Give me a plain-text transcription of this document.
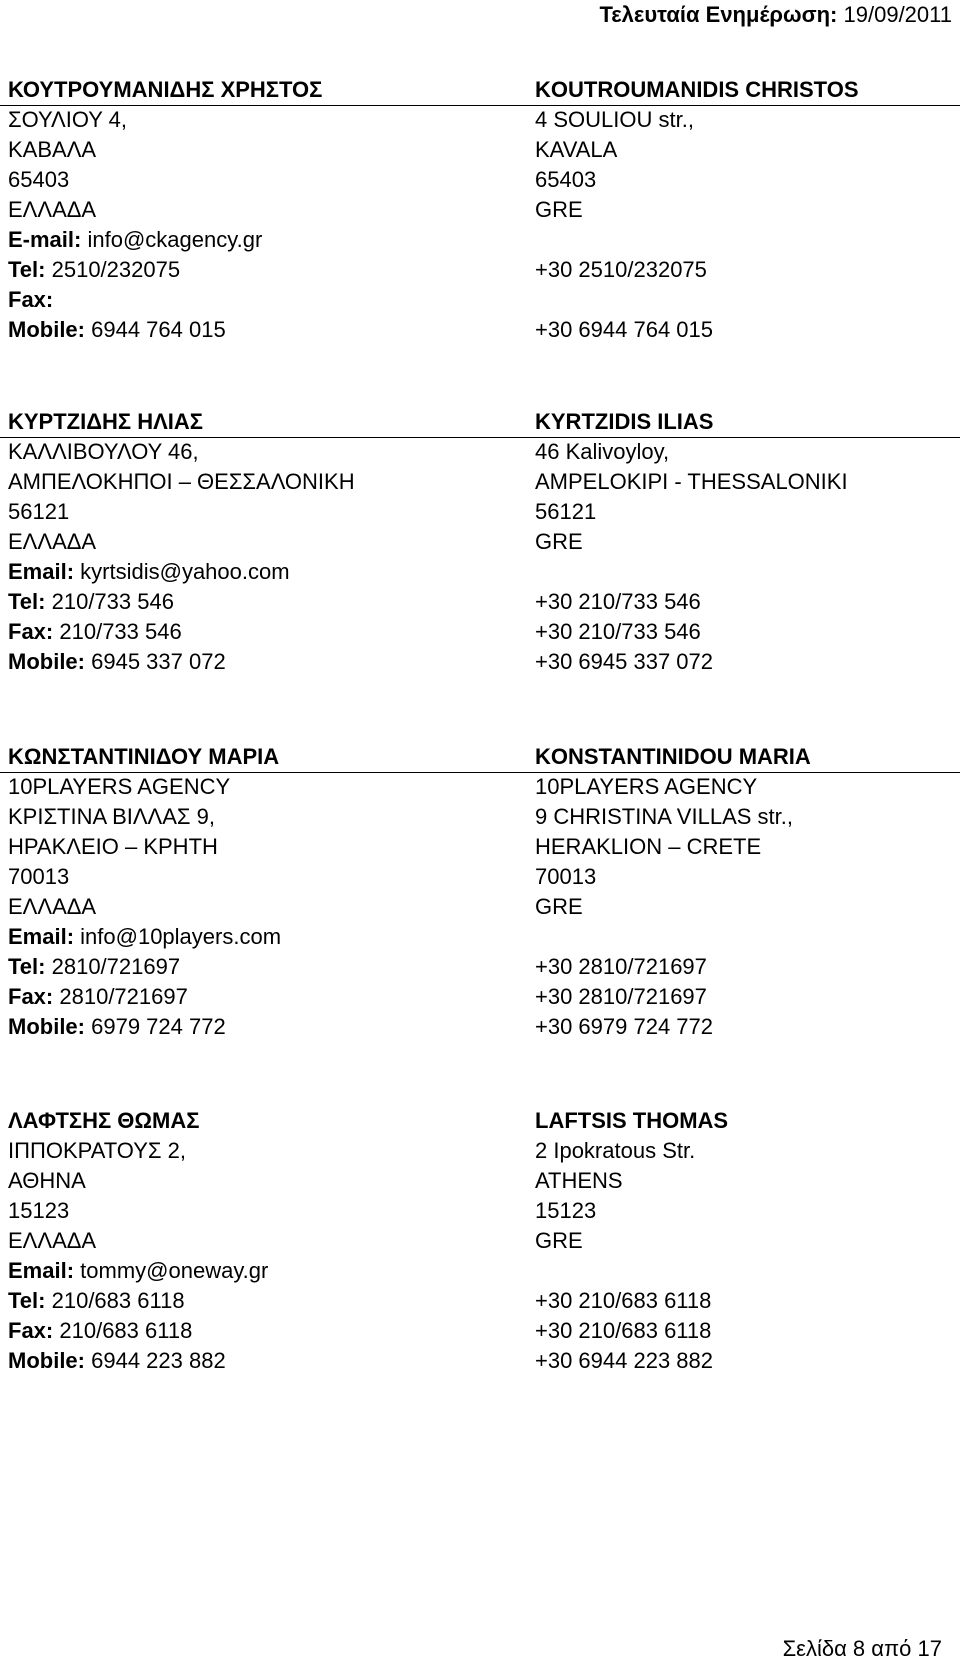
Τελευταία Ενημέρωση: 19/09/2011
ΚΟΥΤΡΟΥΜΑΝΙΔΗΣ ΧΡΗΣΤΟΣ	KOUTROUMANIDIS CHRISTOS
ΣΟΥΛΙΟΥ 4,	4 SOULIOU str.,
ΚΑΒΑΛΑ	KAVALA
65403	65403
ΕΛΛΑΔΑ	GRE
E-mail: info@ckagency.gr
Tel: 2510/232075	+30 2510/232075
Fax:
Mobile: 6944 764 015	+30 6944 764 015
ΚΥΡΤΖΙΔΗΣ ΗΛΙΑΣ	KYRTZIDIS ILIAS
ΚΑΛΛΙΒΟΥΛΟΥ 46,	46 Kalivoyloy,
ΑΜΠΕΛΟΚΗΠΟΙ – ΘΕΣΣΑΛΟΝΙΚΗ	AMPELOKIPI - THESSALONIKI
56121	56121
ΕΛΛΑΔΑ	GRE
Email: kyrtsidis@yahoo.com
Tel: 210/733 546	+30 210/733 546
Fax: 210/733 546	+30 210/733 546
Mobile: 6945 337 072	+30 6945 337 072
ΚΩΝΣΤΑΝΤΙΝΙΔΟΥ ΜΑΡΙΑ	KONSTANTINIDOU MARIA
10PLAYERS AGENCY	10PLAYERS AGENCY
ΚΡΙΣΤΙΝΑ ΒΙΛΛΑΣ 9,	9 CHRISTINA VILLAS str.,
ΗΡΑΚΛΕΙΟ – ΚΡΗΤΗ	HERAKLION – CRETE
70013	70013
ΕΛΛΑΔΑ	GRE
Email: info@10players.com
Tel: 2810/721697	+30 2810/721697
Fax: 2810/721697	+30 2810/721697
Mobile: 6979 724 772	+30 6979 724 772
ΛΑΦΤΣΗΣ ΘΩΜΑΣ	LAFTSIS THOMAS
ΙΠΠΟΚΡΑΤΟΥΣ 2,	2 Ipokratous Str.
ΑΘΗΝΑ	ATHENS
15123	15123
ΕΛΛΑΔΑ	GRE
Email: tommy@oneway.gr
Tel: 210/683 6118	+30 210/683 6118
Fax: 210/683 6118	+30 210/683 6118
Mobile: 6944 223 882	+30 6944 223 882
Σελίδα 8 από 17
